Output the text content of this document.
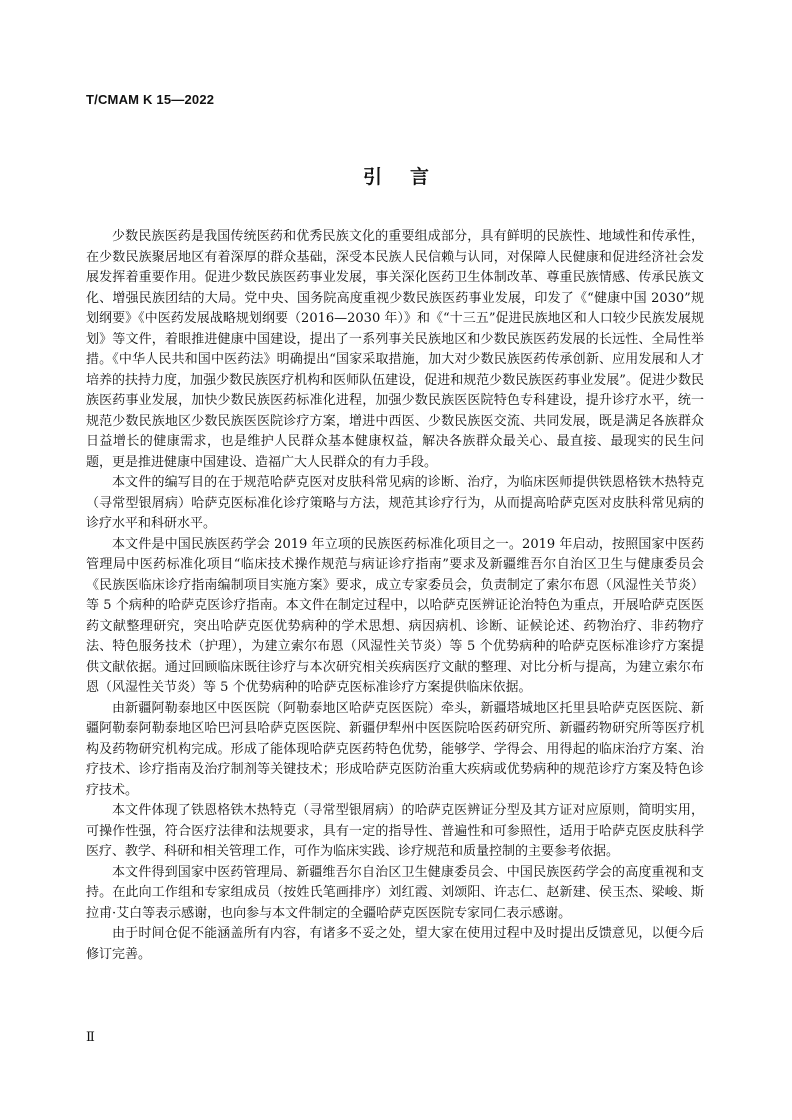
T/CMAM K 15—2022
引言

少数民族医药是我国传统医药和优秀民族文化的重要组成部分，具有鲜明的民族性、地域性和传承性，在少数民族聚居地区有着深厚的群众基础，深受本民族人民信赖与认同，对保障人民健康和促进经济社会发展发挥着重要作用。促进少数民族医药事业发展，事关深化医药卫生体制改革、尊重民族情感、传承民族文化、增强民族团结的大局。党中央、国务院高度重视少数民族医药事业发展，印发了《“健康中国 2030”规划纲要》《中医药发展战略规划纲要（2016—2030 年）》和《“十三五”促进民族地区和人口较少民族发展规划》等文件，着眼推进健康中国建设，提出了一系列事关民族地区和少数民族医药发展的长远性、全局性举措。《中华人民共和国中医药法》明确提出“国家采取措施，加大对少数民族医药传承创新、应用发展和人才培养的扶持力度，加强少数民族医疗机构和医师队伍建设，促进和规范少数民族医药事业发展”。促进少数民族医药事业发展，加快少数民族医药标准化进程，加强少数民族医医院特色专科建设，提升诊疗水平，统一规范少数民族地区少数民族医医院诊疗方案，增进中西医、少数民族医交流、共同发展，既是满足各族群众日益增长的健康需求，也是维护人民群众基本健康权益，解决各族群众最关心、最直接、最现实的民生问题，更是推进健康中国建设、造福广大人民群众的有力手段。

本文件的编写目的在于规范哈萨克医对皮肤科常见病的诊断、治疗，为临床医师提供铁恩格铁木热特克（寻常型银屑病）哈萨克医标准化诊疗策略与方法，规范其诊疗行为，从而提高哈萨克医对皮肤科常见病的诊疗水平和科研水平。

本文件是中国民族医药学会 2019 年立项的民族医药标准化项目之一。2019 年启动，按照国家中医药管理局中医药标准化项目“临床技术操作规范与病证诊疗指南”要求及新疆维吾尔自治区卫生与健康委员会《民族医临床诊疗指南编制项目实施方案》要求，成立专家委员会，负责制定了索尔布恩（风湿性关节炎）等 5 个病种的哈萨克医诊疗指南。本文件在制定过程中，以哈萨克医辨证论治特色为重点，开展哈萨克医医药文献整理研究，突出哈萨克医优势病种的学术思想、病因病机、诊断、证候论述、药物治疗、非药物疗法、特色服务技术（护理），为建立索尔布恩（风湿性关节炎）等 5 个优势病种的哈萨克医标准诊疗方案提供文献依据。通过回顾临床既往诊疗与本次研究相关疾病医疗文献的整理、对比分析与提高，为建立索尔布恩（风湿性关节炎）等 5 个优势病种的哈萨克医标准诊疗方案提供临床依据。

由新疆阿勒泰地区中医医院（阿勒泰地区哈萨克医医院）牵头，新疆塔城地区托里县哈萨克医医院、新疆阿勒泰阿勒泰地区哈巴河县哈萨克医医院、新疆伊犁州中医医院哈医药研究所、新疆药物研究所等医疗机构及药物研究机构完成。形成了能体现哈萨克医药特色优势，能够学、学得会、用得起的临床治疗方案、治疗技术、诊疗指南及治疗制剂等关键技术；形成哈萨克医防治重大疾病或优势病种的规范诊疗方案及特色诊疗技术。

本文件体现了铁恩格铁木热特克（寻常型银屑病）的哈萨克医辨证分型及其方证对应原则，简明实用，可操作性强，符合医疗法律和法规要求，具有一定的指导性、普遍性和可参照性，适用于哈萨克医皮肤科学医疗、教学、科研和相关管理工作，可作为临床实践、诊疗规范和质量控制的主要参考依据。

本文件得到国家中医药管理局、新疆维吾尔自治区卫生健康委员会、中国民族医药学会的高度重视和支持。在此向工作组和专家组成员（按姓氏笔画排序）刘红霞、刘颂阳、许志仁、赵新建、侯玉杰、梁峻、斯拉甫·艾白等表示感谢，也向参与本文件制定的全疆哈萨克医医院专家同仁表示感谢。

由于时间仓促不能涵盖所有内容，有诸多不妥之处，望大家在使用过程中及时提出反馈意见，以便今后修订完善。

Ⅱ
